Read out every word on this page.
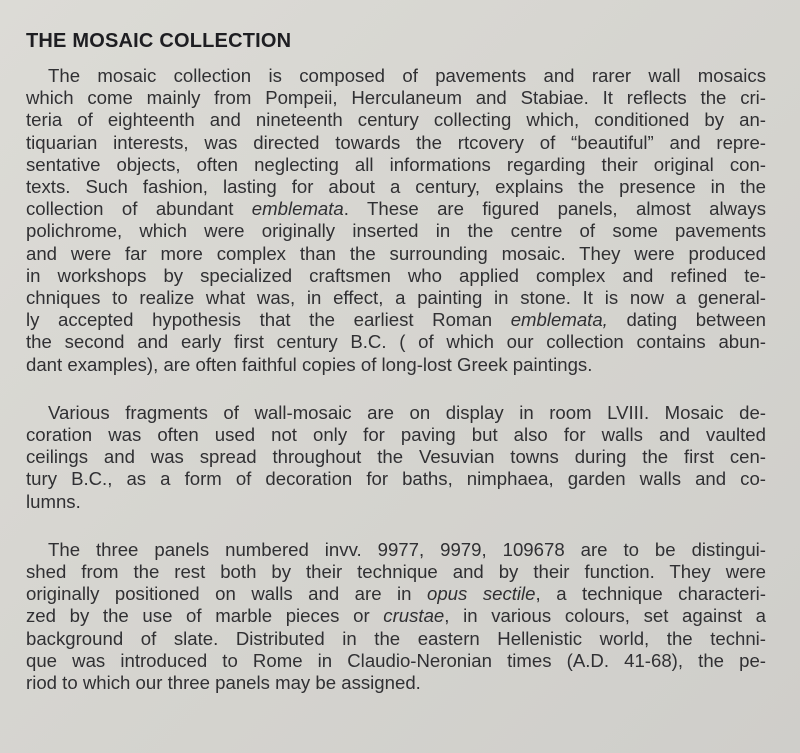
THE MOSAIC COLLECTION
The mosaic collection is composed of pavements and rarer wall mosaics
which come mainly from Pompeii, Herculaneum and Stabiae. It reflects the cri-
teria of eighteenth and nineteenth century collecting which, conditioned by an-
tiquarian interests, was directed towards the rtcovery of “beautiful” and repre-
sentative objects, often neglecting all informations regarding their original con-
texts. Such fashion, lasting for about a century, explains the presence in the
collection of abundant emblemata. These are figured panels, almost always
polichrome, which were originally inserted in the centre of some pavements
and were far more complex than the surrounding mosaic. They were produced
in workshops by specialized craftsmen who applied complex and refined te-
chniques to realize what was, in effect, a painting in stone. It is now a general-
ly accepted hypothesis that the earliest Roman emblemata, dating between
the second and early first century B.C. ( of which our collection contains abun-
dant examples), are often faithful copies of long-lost Greek paintings.
Various fragments of wall-mosaic are on display in room LVIII. Mosaic de-
coration was often used not only for paving but also for walls and vaulted
ceilings and was spread throughout the Vesuvian towns during the first cen-
tury B.C., as a form of decoration for baths, nimphaea, garden walls and co-
lumns.
The three panels numbered invv. 9977, 9979, 109678 are to be distingui-
shed from the rest both by their technique and by their function. They were
originally positioned on walls and are in opus sectile, a technique characteri-
zed by the use of marble pieces or crustae, in various colours, set against a
background of slate. Distributed in the eastern Hellenistic world, the techni-
que was introduced to Rome in Claudio-Neronian times (A.D. 41-68), the pe-
riod to which our three panels may be assigned.
